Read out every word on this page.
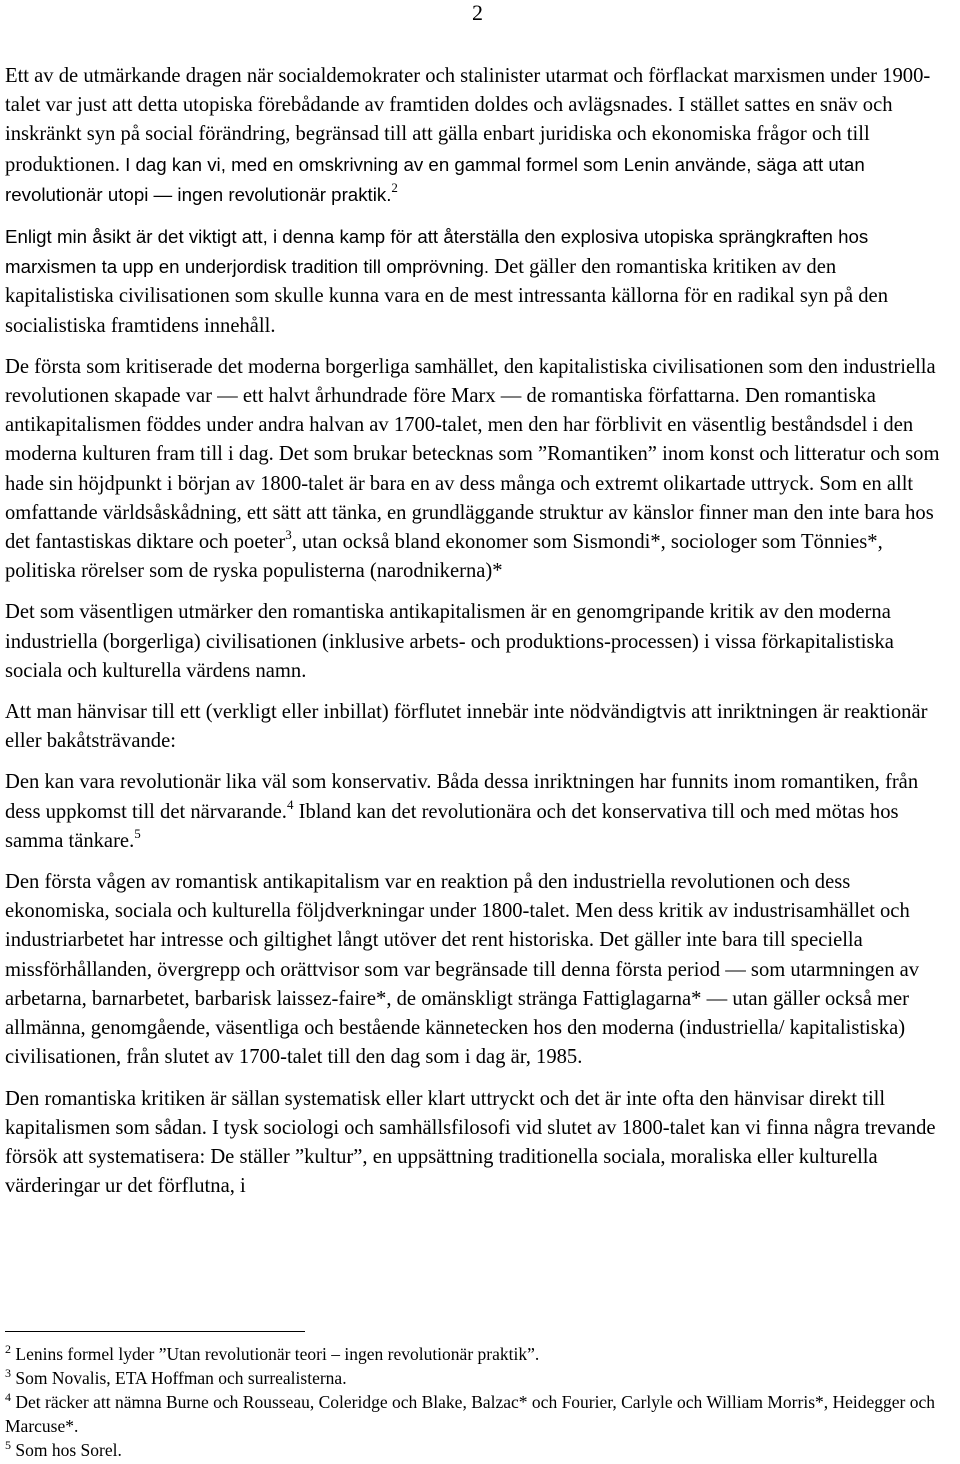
2

Ett av de utmärkande dragen när socialdemokrater och stalinister utarmat och förflackat marxismen under 1900-talet var just att detta utopiska förebådande av framtiden doldes och avlägsnades. I stället sattes en snäv och inskränkt syn på social förändring, begränsad till att gälla enbart juridiska och ekonomiska frågor och till produktionen. I dag kan vi, med en omskrivning av en gammal formel som Lenin använde, säga att utan revolutionär utopi — ingen revolutionär praktik.$^2$

Enligt min åsikt är det viktigt att, i denna kamp för att återställa den explosiva utopiska sprängkraften hos marxismen ta upp en underjordisk tradition till omprövning. Det gäller den romantiska kritiken av den kapitalistiska civilisationen som skulle kunna vara en de mest intressanta källorna för en radikal syn på den socialistiska framtidens innehåll.

De första som kritiserade det moderna borgerliga samhället, den kapitalistiska civilisationen som den industriella revolutionen skapade var — ett halvt århundrade före Marx — de romantiska författarna. Den romantiska antikapitalismen föddes under andra halvan av 1700-talet, men den har förblivit en väsentlig beståndsdel i den moderna kulturen fram till i dag. Det som brukar betecknas som ”Romantiken” inom konst och litteratur och som hade sin höjdpunkt i början av 1800-talet är bara en av dess många och extremt olikartade uttryck. Som en allt omfattande världsåskådning, ett sätt att tänka, en grundläggande struktur av känslor finner man den inte bara hos det fantastiskas diktare och poeter$^3$, utan också bland ekonomer som Sismondi*, sociologer som Tönnies*, politiska rörelser som de ryska populisterna (narodnikerna)*

Det som väsentligen utmärker den romantiska antikapitalismen är en genomgripande kritik av den moderna industriella (borgerliga) civilisationen (inklusive arbets- och produktions-processen) i vissa förkapitalistiska sociala och kulturella värdens namn.

Att man hänvisar till ett (verkligt eller inbillat) förflutet innebär inte nödvändigtvis att inriktningen är reaktionär eller bakåtsträvande:

Den kan vara revolutionär lika väl som konservativ. Båda dessa inriktningen har funnits inom romantiken, från dess uppkomst till det närvarande.$^4$ Ibland kan det revolutionära och det konservativa till och med mötas hos samma tänkare.$^5$

Den första vågen av romantisk antikapitalism var en reaktion på den industriella revolutionen och dess ekonomiska, sociala och kulturella följdverkningar under 1800-talet. Men dess kritik av industrisamhället och industriarbetet har intresse och giltighet långt utöver det rent historiska. Det gäller inte bara till speciella missförhållanden, övergrepp och orättvisor som var begränsade till denna första period — som utarmningen av arbetarna, barnarbetet, barbarisk laissez-faire*, de omänskligt stränga Fattiglagarna* — utan gäller också mer allmänna, genomgående, väsentliga och bestående kännetecken hos den moderna (industriella/ kapitalistiska) civilisationen, från slutet av 1700-talet till den dag som i dag är, 1985.

Den romantiska kritiken är sällan systematisk eller klart uttryckt och det är inte ofta den hänvisar direkt till kapitalismen som sådan. I tysk sociologi och samhällsfilosofi vid slutet av 1800-talet kan vi finna några trevande försök att systematisera: De ställer ”kultur”, en uppsättning traditionella sociala, moraliska eller kulturella värderingar ur det förflutna, i

$^2$ Lenins formel lyder ”Utan revolutionär teori – ingen revolutionär praktik”.

$^3$ Som Novalis, ETA Hoffman och surrealisterna.

$^4$ Det räcker att nämna Burne och Rousseau, Coleridge och Blake, Balzac* och Fourier, Carlyle och William Morris*, Heidegger och Marcuse*.

$^5$ Som hos Sorel.
